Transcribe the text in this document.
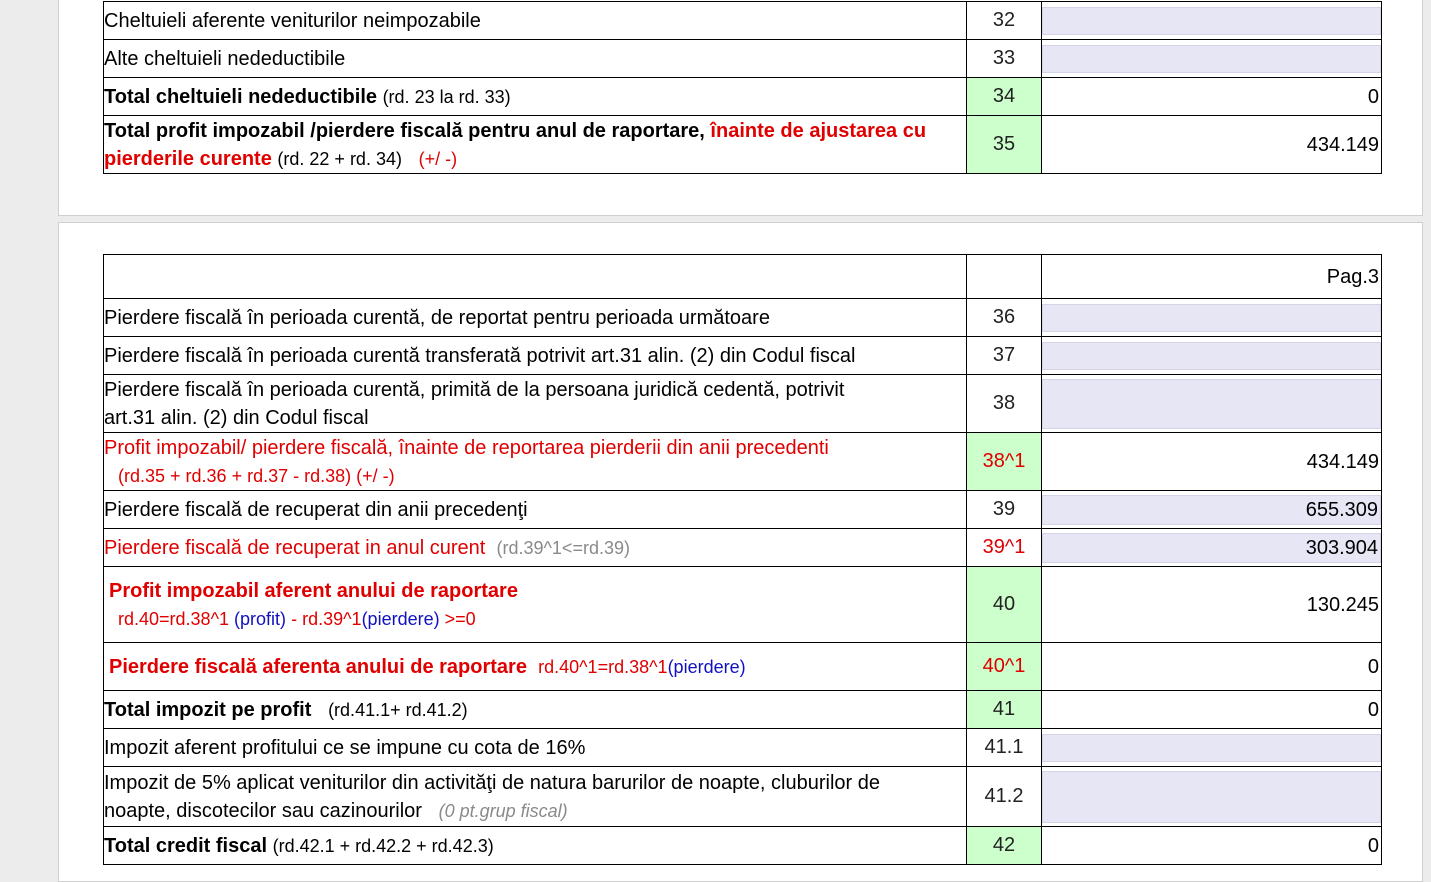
Cheltuieli aferente veniturilor neimpozabile	32	

Alte cheltuieli nedeductibile	33	

Total cheltuieli nedeductibile (rd. 23 la rd. 33)	34	0

Total profit impozabil /pierdere fiscală pentru anul de raportare, înainte de ajustarea cu pierderile curente (rd. 22 + rd. 34) (+/ -)	35	434.149

		Pag.3

Pierdere fiscală în perioada curentă, de reportat pentru perioada următoare	36	

Pierdere fiscală în perioada curentă transferată potrivit art.31 alin. (2) din Codul fiscal	37	

Pierdere fiscală în perioada curentă, primită de la persoana juridică cedentă, potrivit
art.31 alin. (2) din Codul fiscal	38	

Profit impozabil/ pierdere fiscală, înainte de reportarea pierderii din anii precedenti
(rd.35 + rd.36 + rd.37 - rd.38) (+/ -)	38^1	434.149

Pierdere fiscală de recuperat din anii precedenţi	39	655.309

Pierdere fiscală de recuperat in anul curent (rd.39^1<=rd.39)	39^1	303.904

Profit impozabil aferent anului de raportare
rd.40=rd.38^1 (profit) - rd.39^1(pierdere) >=0	40	130.245

Pierdere fiscală aferenta anului de raportare rd.40^1=rd.38^1(pierdere)	40^1	0

Total impozit pe profit (rd.41.1+ rd.41.2)	41	0

Impozit aferent profitului ce se impune cu cota de 16%	41.1	

Impozit de 5% aplicat veniturilor din activităţi de natura barurilor de noapte, cluburilor de
noapte, discotecilor sau cazinourilor (0 pt.grup fiscal)	41.2	

Total credit fiscal (rd.42.1 + rd.42.2 + rd.42.3)	42	0
